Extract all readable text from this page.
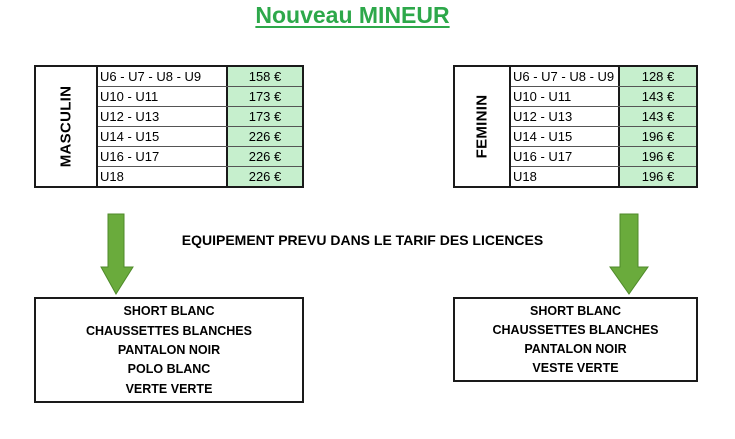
Nouveau MINEUR
MASCULIN
U6 - U7 - U8 - U9	158 €
U10 - U11	173 €
U12 - U13	173 €
U14 - U15	226 €
U16 - U17	226 €
U18	226 €
FEMININ
U6 - U7 - U8 - U9	128 €
U10 - U11	143 €
U12 - U13	143 €
U14 - U15	196 €
U16 - U17	196 €
U18	196 €
EQUIPEMENT PREVU DANS LE TARIF DES LICENCES
SHORT BLANC
CHAUSSETTES BLANCHES
PANTALON NOIR
POLO BLANC
VERTE VERTE
SHORT BLANC
CHAUSSETTES BLANCHES
PANTALON NOIR
VESTE VERTE
